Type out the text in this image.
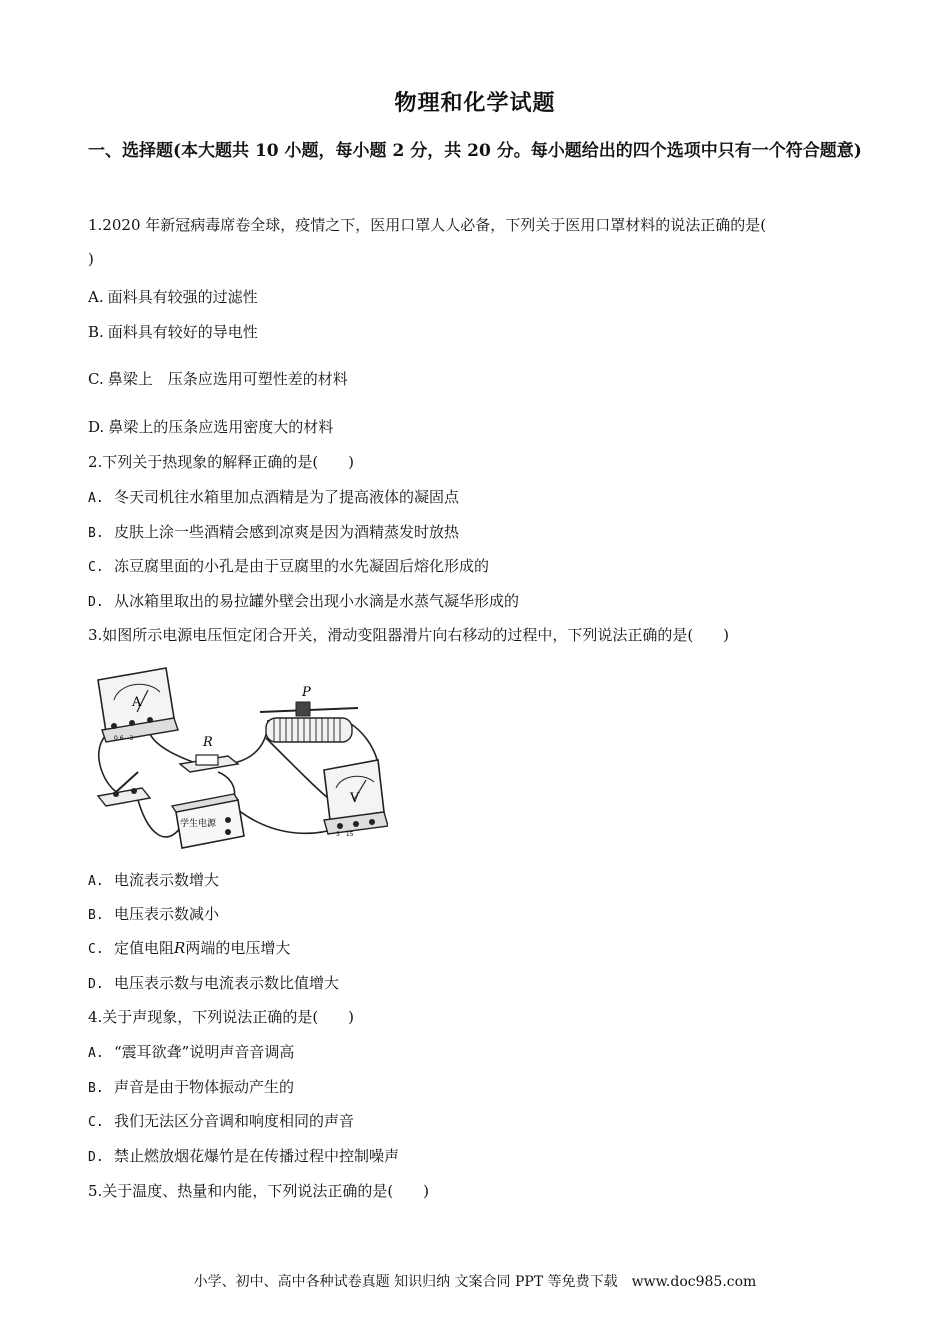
物理和化学试题
一、选择题(本大题共 10 小题，每小题 2 分，共 20 分。每小题给出的四个选项中只有一个符合题意)
1.2020 年新冠病毒席卷全球，疫情之下，医用口罩人人必备，下列关于医用口罩材料的说法正确的是(
)
A. 面料具有较强的过滤性
B. 面料具有较好的导电性
C. 鼻梁上　压条应选用可塑性差的材料
D. 鼻梁上的压条应选用密度大的材料
2.下列关于热现象的解释正确的是(　　)
A. 冬天司机往水箱里加点酒精是为了提高液体的凝固点
B. 皮肤上涂一些酒精会感到凉爽是因为酒精蒸发时放热
C. 冻豆腐里面的小孔是由于豆腐里的水先凝固后熔化形成的
D. 从冰箱里取出的易拉罐外壁会出现小水滴是水蒸气凝华形成的
3.如图所示电源电压恒定闭合开关，滑动变阻器滑片向右移动的过程中，下列说法正确的是(　　)
A
0.6　3	R
P
学生电源
V
3　15
A. 电流表示数增大
B. 电压表示数减小
C. 定值电阻R两端的电压增大
D. 电压表示数与电流表示数比值增大
4.关于声现象，下列说法正确的是(　　)
A. “震耳欲聋”说明声音音调高
B. 声音是由于物体振动产生的
C. 我们无法区分音调和响度相同的声音
D. 禁止燃放烟花爆竹是在传播过程中控制噪声
5.关于温度、热量和内能，下列说法正确的是(　　)
小学、初中、高中各种试卷真题 知识归纳 文案合同 PPT 等免费下载　www.doc985.com
